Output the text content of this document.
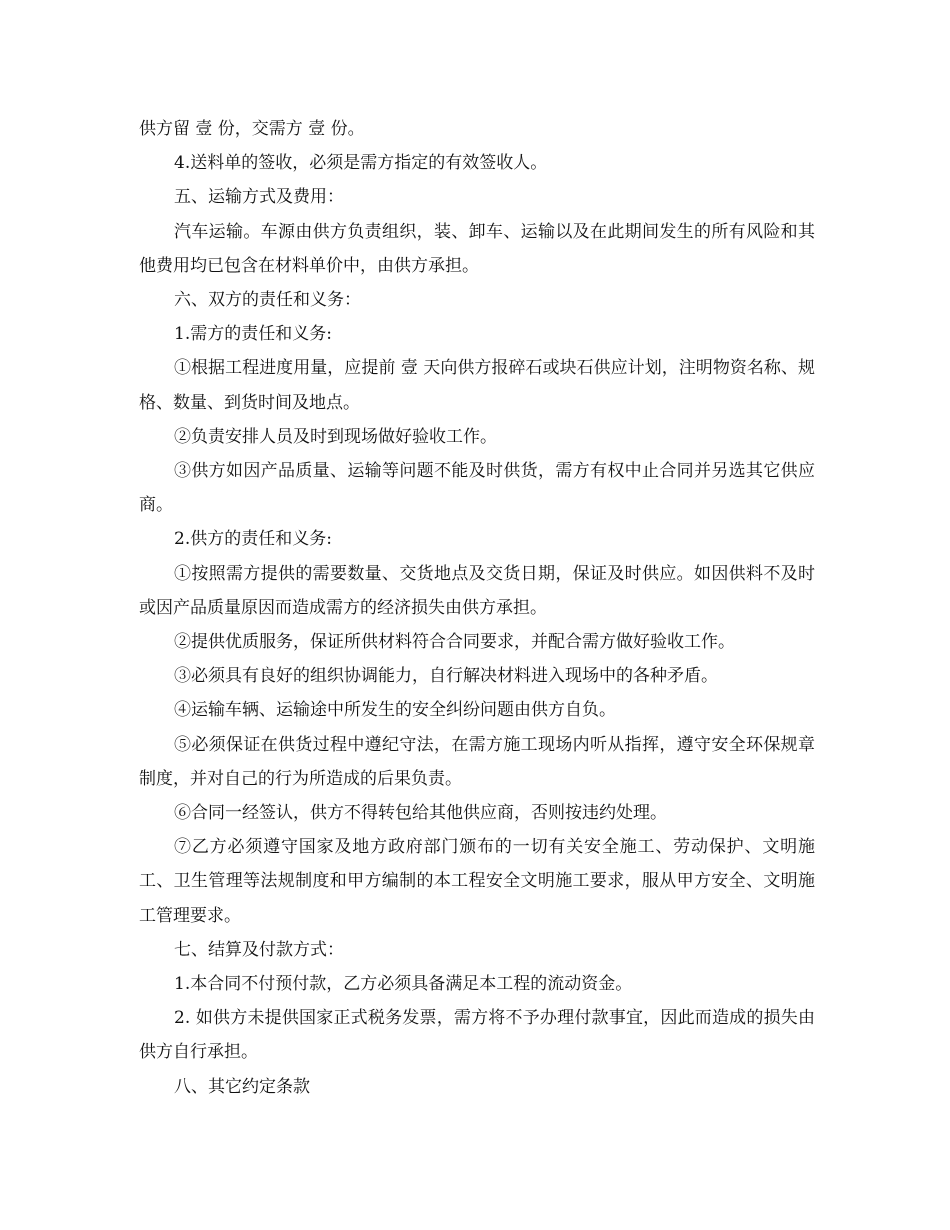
供方留 壹 份，交需方 壹 份。

4.送料单的签收，必须是需方指定的有效签收人。

五、运输方式及费用：

汽车运输。车源由供方负责组织，装、卸车、运输以及在此期间发生的所有风险和其他费用均已包含在材料单价中，由供方承担。

六、双方的责任和义务：

1.需方的责任和义务:

①根据工程进度用量，应提前 壹 天向供方报碎石或块石供应计划，注明物资名称、规格、数量、到货时间及地点。

②负责安排人员及时到现场做好验收工作。

③供方如因产品质量、运输等问题不能及时供货，需方有权中止合同并另选其它供应商。

2.供方的责任和义务:

①按照需方提供的需要数量、交货地点及交货日期，保证及时供应。如因供料不及时或因产品质量原因而造成需方的经济损失由供方承担。

②提供优质服务，保证所供材料符合合同要求，并配合需方做好验收工作。

③必须具有良好的组织协调能力，自行解决材料进入现场中的各种矛盾。

④运输车辆、运输途中所发生的安全纠纷问题由供方自负。

⑤必须保证在供货过程中遵纪守法，在需方施工现场内听从指挥，遵守安全环保规章制度，并对自己的行为所造成的后果负责。

⑥合同一经签认，供方不得转包给其他供应商，否则按违约处理。

⑦乙方必须遵守国家及地方政府部门颁布的一切有关安全施工、劳动保护、文明施工、卫生管理等法规制度和甲方编制的本工程安全文明施工要求，服从甲方安全、文明施工管理要求。

七、结算及付款方式：

1.本合同不付预付款，乙方必须具备满足本工程的流动资金。

2. 如供方未提供国家正式税务发票，需方将不予办理付款事宜，因此而造成的损失由供方自行承担。

八、其它约定条款
